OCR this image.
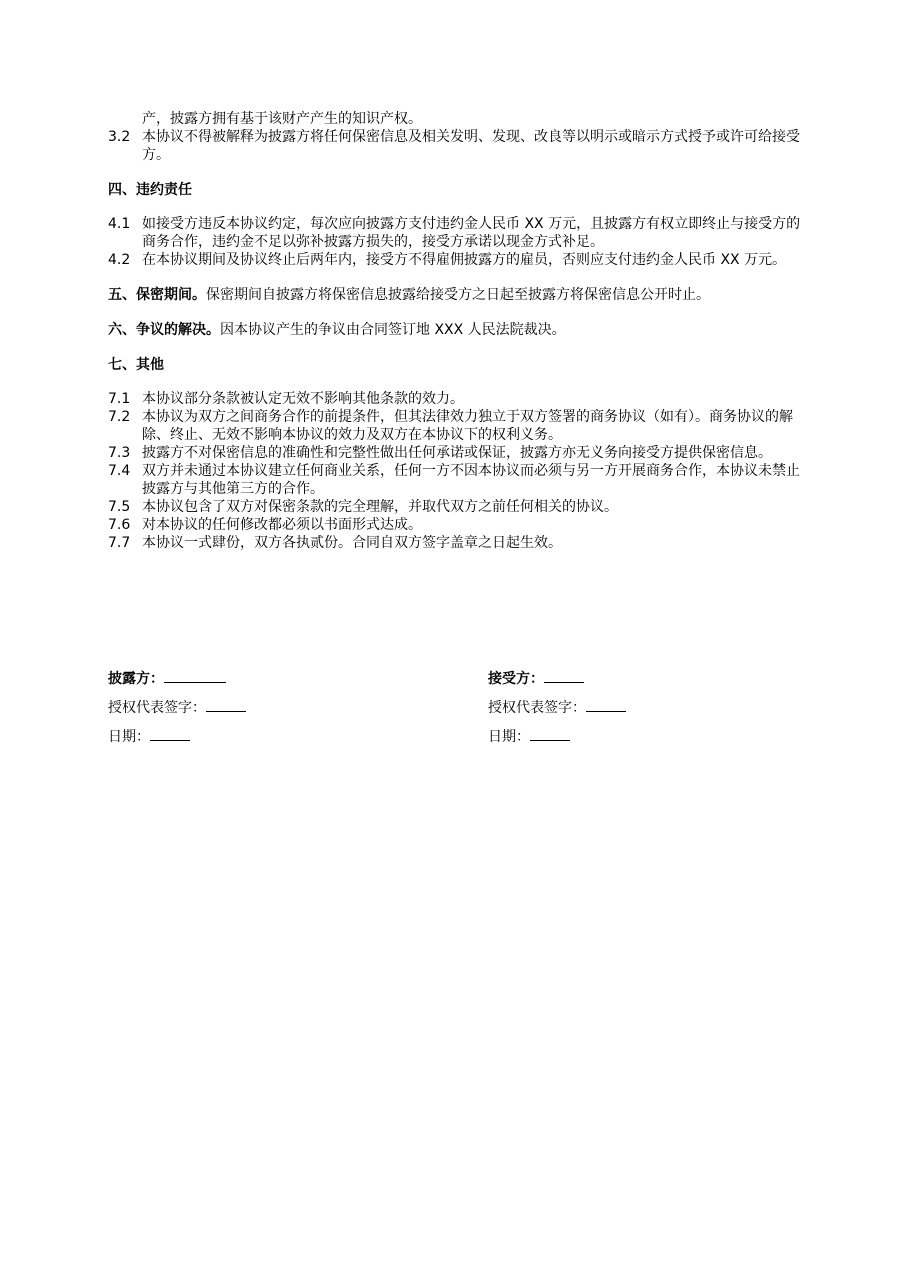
产，披露方拥有基于该财产产生的知识产权。
3.2 本协议不得被解释为披露方将任何保密信息及相关发明、发现、改良等以明示或暗示方式授予或许可给接受方。
四、违约责任
4.1 如接受方违反本协议约定，每次应向披露方支付违约金人民币 XX 万元，且披露方有权立即终止与接受方的商务合作，违约金不足以弥补披露方损失的，接受方承诺以现金方式补足。
4.2 在本协议期间及协议终止后两年内，接受方不得雇佣披露方的雇员，否则应支付违约金人民币 XX 万元。
五、保密期间。保密期间自披露方将保密信息披露给接受方之日起至披露方将保密信息公开时止。
六、争议的解决。因本协议产生的争议由合同签订地 XXX 人民法院裁决。
七、其他
7.1 本协议部分条款被认定无效不影响其他条款的效力。
7.2 本协议为双方之间商务合作的前提条件，但其法律效力独立于双方签署的商务协议（如有）。商务协议的解除、终止、无效不影响本协议的效力及双方在本协议下的权利义务。
7.3 披露方不对保密信息的准确性和完整性做出任何承诺或保证，披露方亦无义务向接受方提供保密信息。
7.4 双方并未通过本协议建立任何商业关系，任何一方不因本协议而必须与另一方开展商务合作，本协议未禁止披露方与其他第三方的合作。
7.5 本协议包含了双方对保密条款的完全理解，并取代双方之前任何相关的协议。
7.6 对本协议的任何修改都必须以书面形式达成。
7.7 本协议一式肆份，双方各执贰份。合同自双方签字盖章之日起生效。
披露方：
授权代表签字：
日期：
接受方：
授权代表签字：
日期：
